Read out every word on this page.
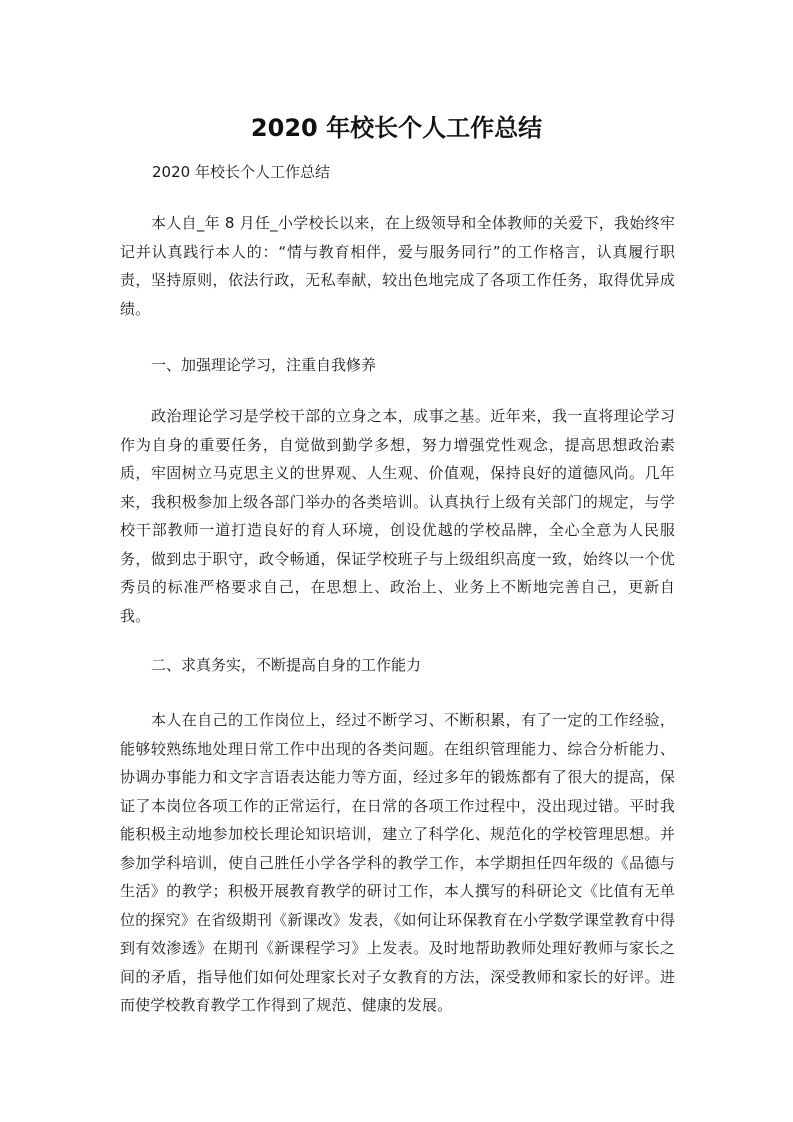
2020 年校长个人工作总结

2020 年校长个人工作总结

本人自_年 8 月任_小学校长以来，在上级领导和全体教师的关爱下，我始终牢记并认真践行本人的：“情与教育相伴，爱与服务同行”的工作格言，认真履行职责，坚持原则，依法行政，无私奉献，较出色地完成了各项工作任务，取得优异成绩。

一、加强理论学习，注重自我修养

政治理论学习是学校干部的立身之本，成事之基。近年来，我一直将理论学习作为自身的重要任务，自觉做到勤学多想，努力增强党性观念，提高思想政治素质，牢固树立马克思主义的世界观、人生观、价值观，保持良好的道德风尚。几年来，我积极参加上级各部门举办的各类培训。认真执行上级有关部门的规定，与学校干部教师一道打造良好的育人环境，创设优越的学校品牌，全心全意为人民服务，做到忠于职守，政令畅通，保证学校班子与上级组织高度一致，始终以一个优秀员的标准严格要求自己，在思想上、政治上、业务上不断地完善自己，更新自我。

二、求真务实，不断提高自身的工作能力

本人在自己的工作岗位上，经过不断学习、不断积累，有了一定的工作经验，能够较熟练地处理日常工作中出现的各类问题。在组织管理能力、综合分析能力、协调办事能力和文字言语表达能力等方面，经过多年的锻炼都有了很大的提高，保证了本岗位各项工作的正常运行，在日常的各项工作过程中，没出现过错。平时我能积极主动地参加校长理论知识培训，建立了科学化、规范化的学校管理思想。并参加学科培训，使自己胜任小学各学科的教学工作，本学期担任四年级的《品德与生活》的教学；积极开展教育教学的研讨工作，本人撰写的科研论文《比值有无单位的探究》在省级期刊《新课改》发表，《如何让环保教育在小学数学课堂教育中得到有效渗透》在期刊《新课程学习》上发表。及时地帮助教师处理好教师与家长之间的矛盾，指导他们如何处理家长对子女教育的方法，深受教师和家长的好评。进而使学校教育教学工作得到了规范、健康的发展。
